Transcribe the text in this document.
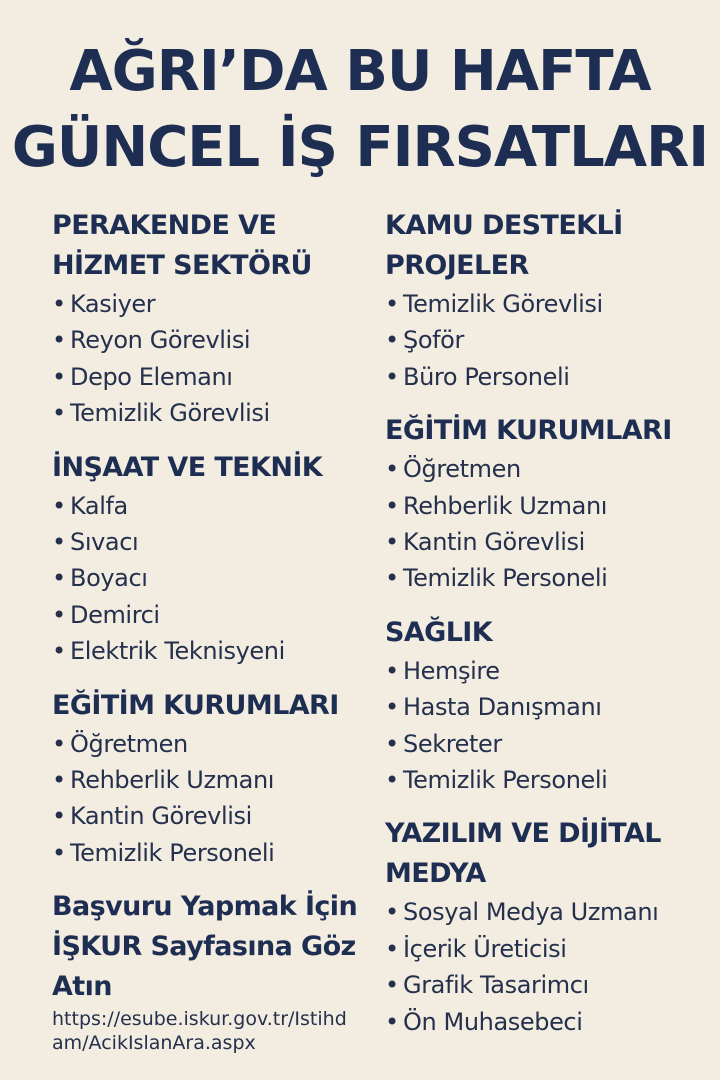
AĞRI’DA BU HAFTA
GÜNCEL İŞ FIRSATLARI
PERAKENDE VE
HİZMET SEKTÖRÜ
• Kasiyer
• Reyon Görevlisi
• Depo Elemanı
• Temizlik Görevlisi
İNŞAAT VE TEKNİK
• Kalfa
• Sıvacı
• Boyacı
• Demirci
• Elektrik Teknisyeni
EĞİTİM KURUMLARI
• Öğretmen
• Rehberlik Uzmanı
• Kantin Görevlisi
• Temizlik Personeli
Başvuru Yapmak İçin
İŞKUR Sayfasına Göz
Atın
https://esube.iskur.gov.tr/Istihdam/AcikIslanAra.aspx
KAMU DESTEKLİ
PROJELER
• Temizlik Görevlisi
• Şoför
• Büro Personeli
EĞİTİM KURUMLARI
• Öğretmen
• Rehberlik Uzmanı
• Kantin Görevlisi
• Temizlik Personeli
SAĞLIK
• Hemşire
• Hasta Danışmanı
• Sekreter
• Temizlik Personeli
YAZILIM VE DİJİTAL
MEDYA
• Sosyal Medya Uzmanı
• İçerik Üreticisi
• Grafik Tasarimcı
• Ön Muhasebeci
